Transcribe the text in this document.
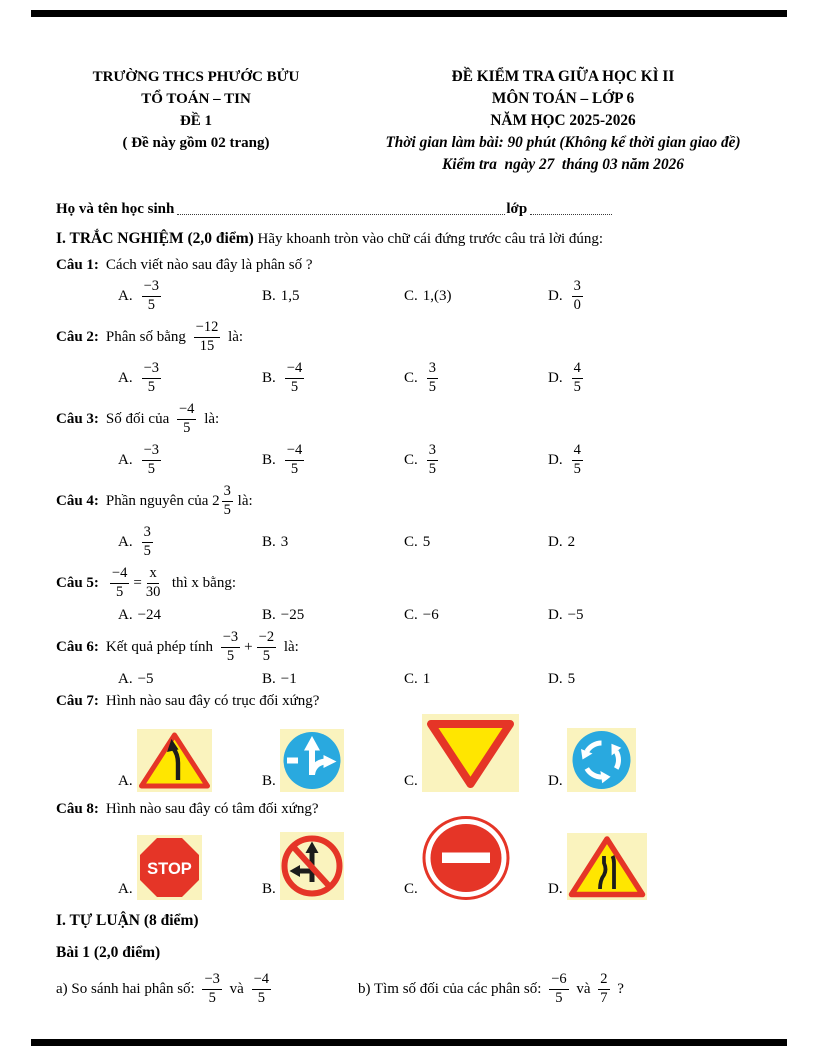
TRƯỜNG THCS PHƯỚC BỬU
TỔ TOÁN – TIN
ĐỀ 1
( Đề này gồm 02 trang)
ĐỀ KIỂM TRA GIỮA HỌC KÌ II
MÔN TOÁN – LỚP 6
NĂM HỌC 2025-2026
Thời gian làm bài: 90 phút (Không kể thời gian giao đề)
Kiểm tra  ngày 27  tháng 03 năm 2026
Họ và tên học sinh	lớp
I. TRẮC NGHIỆM (2,0 điểm) Hãy khoanh tròn vào chữ cái đứng trước câu trả lời đúng:
Câu 1: Cách viết nào sau đây là phân số ?
A. $\frac{-3}{5}$	B. 1,5	C. 1,(3)	D. $\frac{3}{0}$
Câu 2: Phân số bằng $\frac{-12}{15}$ là:
A. $\frac{-3}{5}$	B. $\frac{-4}{5}$	C. $\frac{3}{5}$	D. $\frac{4}{5}$
Câu 3: Số đối của $\frac{-4}{5}$ là:
A. $\frac{-3}{5}$	B. $\frac{-4}{5}$	C. $\frac{3}{5}$	D. $\frac{4}{5}$
Câu 4: Phần nguyên của $2 \frac{3}{5}$ là:
A. $\frac{3}{5}$	B. 3	C. 5	D. 2
Câu 5: $\frac{-4}{5} = \frac{x}{30}$ thì x bằng:
A. −24	B. −25	C. −6	D. −5
Câu 6: Kết quả phép tính $\frac{-3}{5} + \frac{-2}{5}$ là:
A. −5	B. −1	C. 1	D. 5
Câu 7: Hình nào sau đây có trục đối xứng?
A.	B.	C.	D.
Câu 8: Hình nào sau đây có tâm đối xứng?
A.
STOP
B.	C.	D.
I. TỰ LUẬN (8 điểm)
Bài 1 (2,0 điểm)
a) So sánh hai phân số: $\frac{-3}{5}$ và $\frac{-4}{5}$	b) Tìm số đối của các phân số: $\frac{-6}{5}$ và $\frac{2}{7}$ ?
